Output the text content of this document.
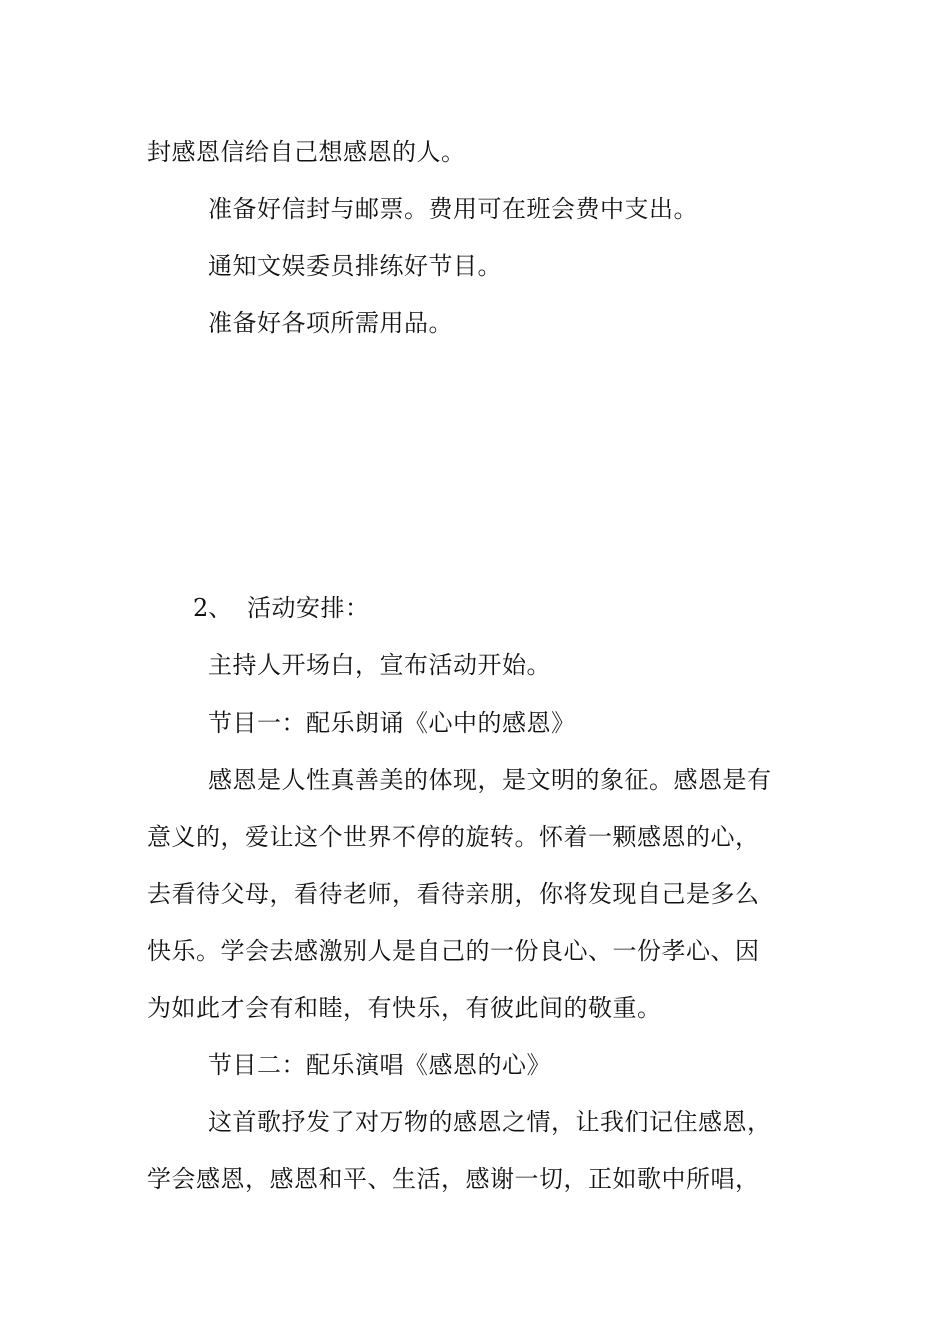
封感恩信给自己想感恩的人。
准备好信封与邮票。费用可在班会费中支出。
通知文娱委员排练好节目。
准备好各项所需用品。
2、 活动安排：
主持人开场白，宣布活动开始。
节目一：配乐朗诵《心中的感恩》
感恩是人性真善美的体现，是文明的象征。感恩是有
意义的，爱让这个世界不停的旋转。怀着一颗感恩的心，
去看待父母，看待老师，看待亲朋，你将发现自己是多么
快乐。学会去感激别人是自己的一份良心、一份孝心、因
为如此才会有和睦，有快乐，有彼此间的敬重。
节目二：配乐演唱《感恩的心》
这首歌抒发了对万物的感恩之情，让我们记住感恩，
学会感恩，感恩和平、生活，感谢一切，正如歌中所唱，
